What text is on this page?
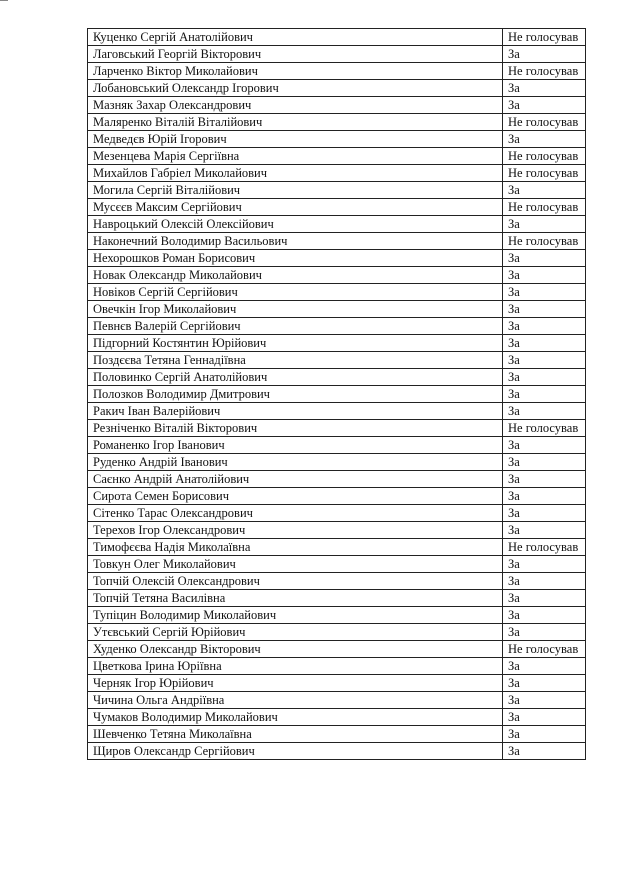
Куценко Сергій Анатолійович	Не голосував
Лаговський Георгій Вікторович	За
Ларченко Віктор Миколайович	Не голосував
Лобановський Олександр Ігорович	За
Мазняк Захар Олександрович	За
Маляренко Віталій Віталійович	Не голосував
Медведєв Юрій Ігорович	За
Мезенцева Марія Сергіївна	Не голосував
Михайлов Габріел Миколайович	Не голосував
Могила Сергій Віталійович	За
Мусєєв Максим Сергійович	Не голосував
Навроцький Олексій Олексійович	За
Наконечний Володимир Васильович	Не голосував
Нехорошков Роман Борисович	За
Новак Олександр Миколайович	За
Новіков Сергій Сергійович	За
Овечкін Ігор Миколайович	За
Певнєв Валерій Сергійович	За
Підгорний Костянтин Юрійович	За
Поздєєва Тетяна Геннадіївна	За
Половинко Сергій Анатолійович	За
Полозков Володимир Дмитрович	За
Ракич Іван Валерійович	За
Резніченко Віталій Вікторович	Не голосував
Романенко Ігор Іванович	За
Руденко Андрій Іванович	За
Саєнко Андрій Анатолійович	За
Сирота Семен Борисович	За
Сітенко Тарас Олександрович	За
Терехов Ігор Олександрович	За
Тимофєєва Надія Миколаївна	Не голосував
Товкун Олег Миколайович	За
Топчій Олексій Олександрович	За
Топчій Тетяна Василівна	За
Тупіцин Володимир Миколайович	За
Утєвський Сергій Юрійович	За
Худенко Олександр Вікторович	Не голосував
Цветкова Ірина Юріївна	За
Черняк Ігор Юрійович	За
Чичина Ольга Андріївна	За
Чумаков Володимир Миколайович	За
Шевченко Тетяна Миколаївна	За
Щиров Олександр Сергійович	За
